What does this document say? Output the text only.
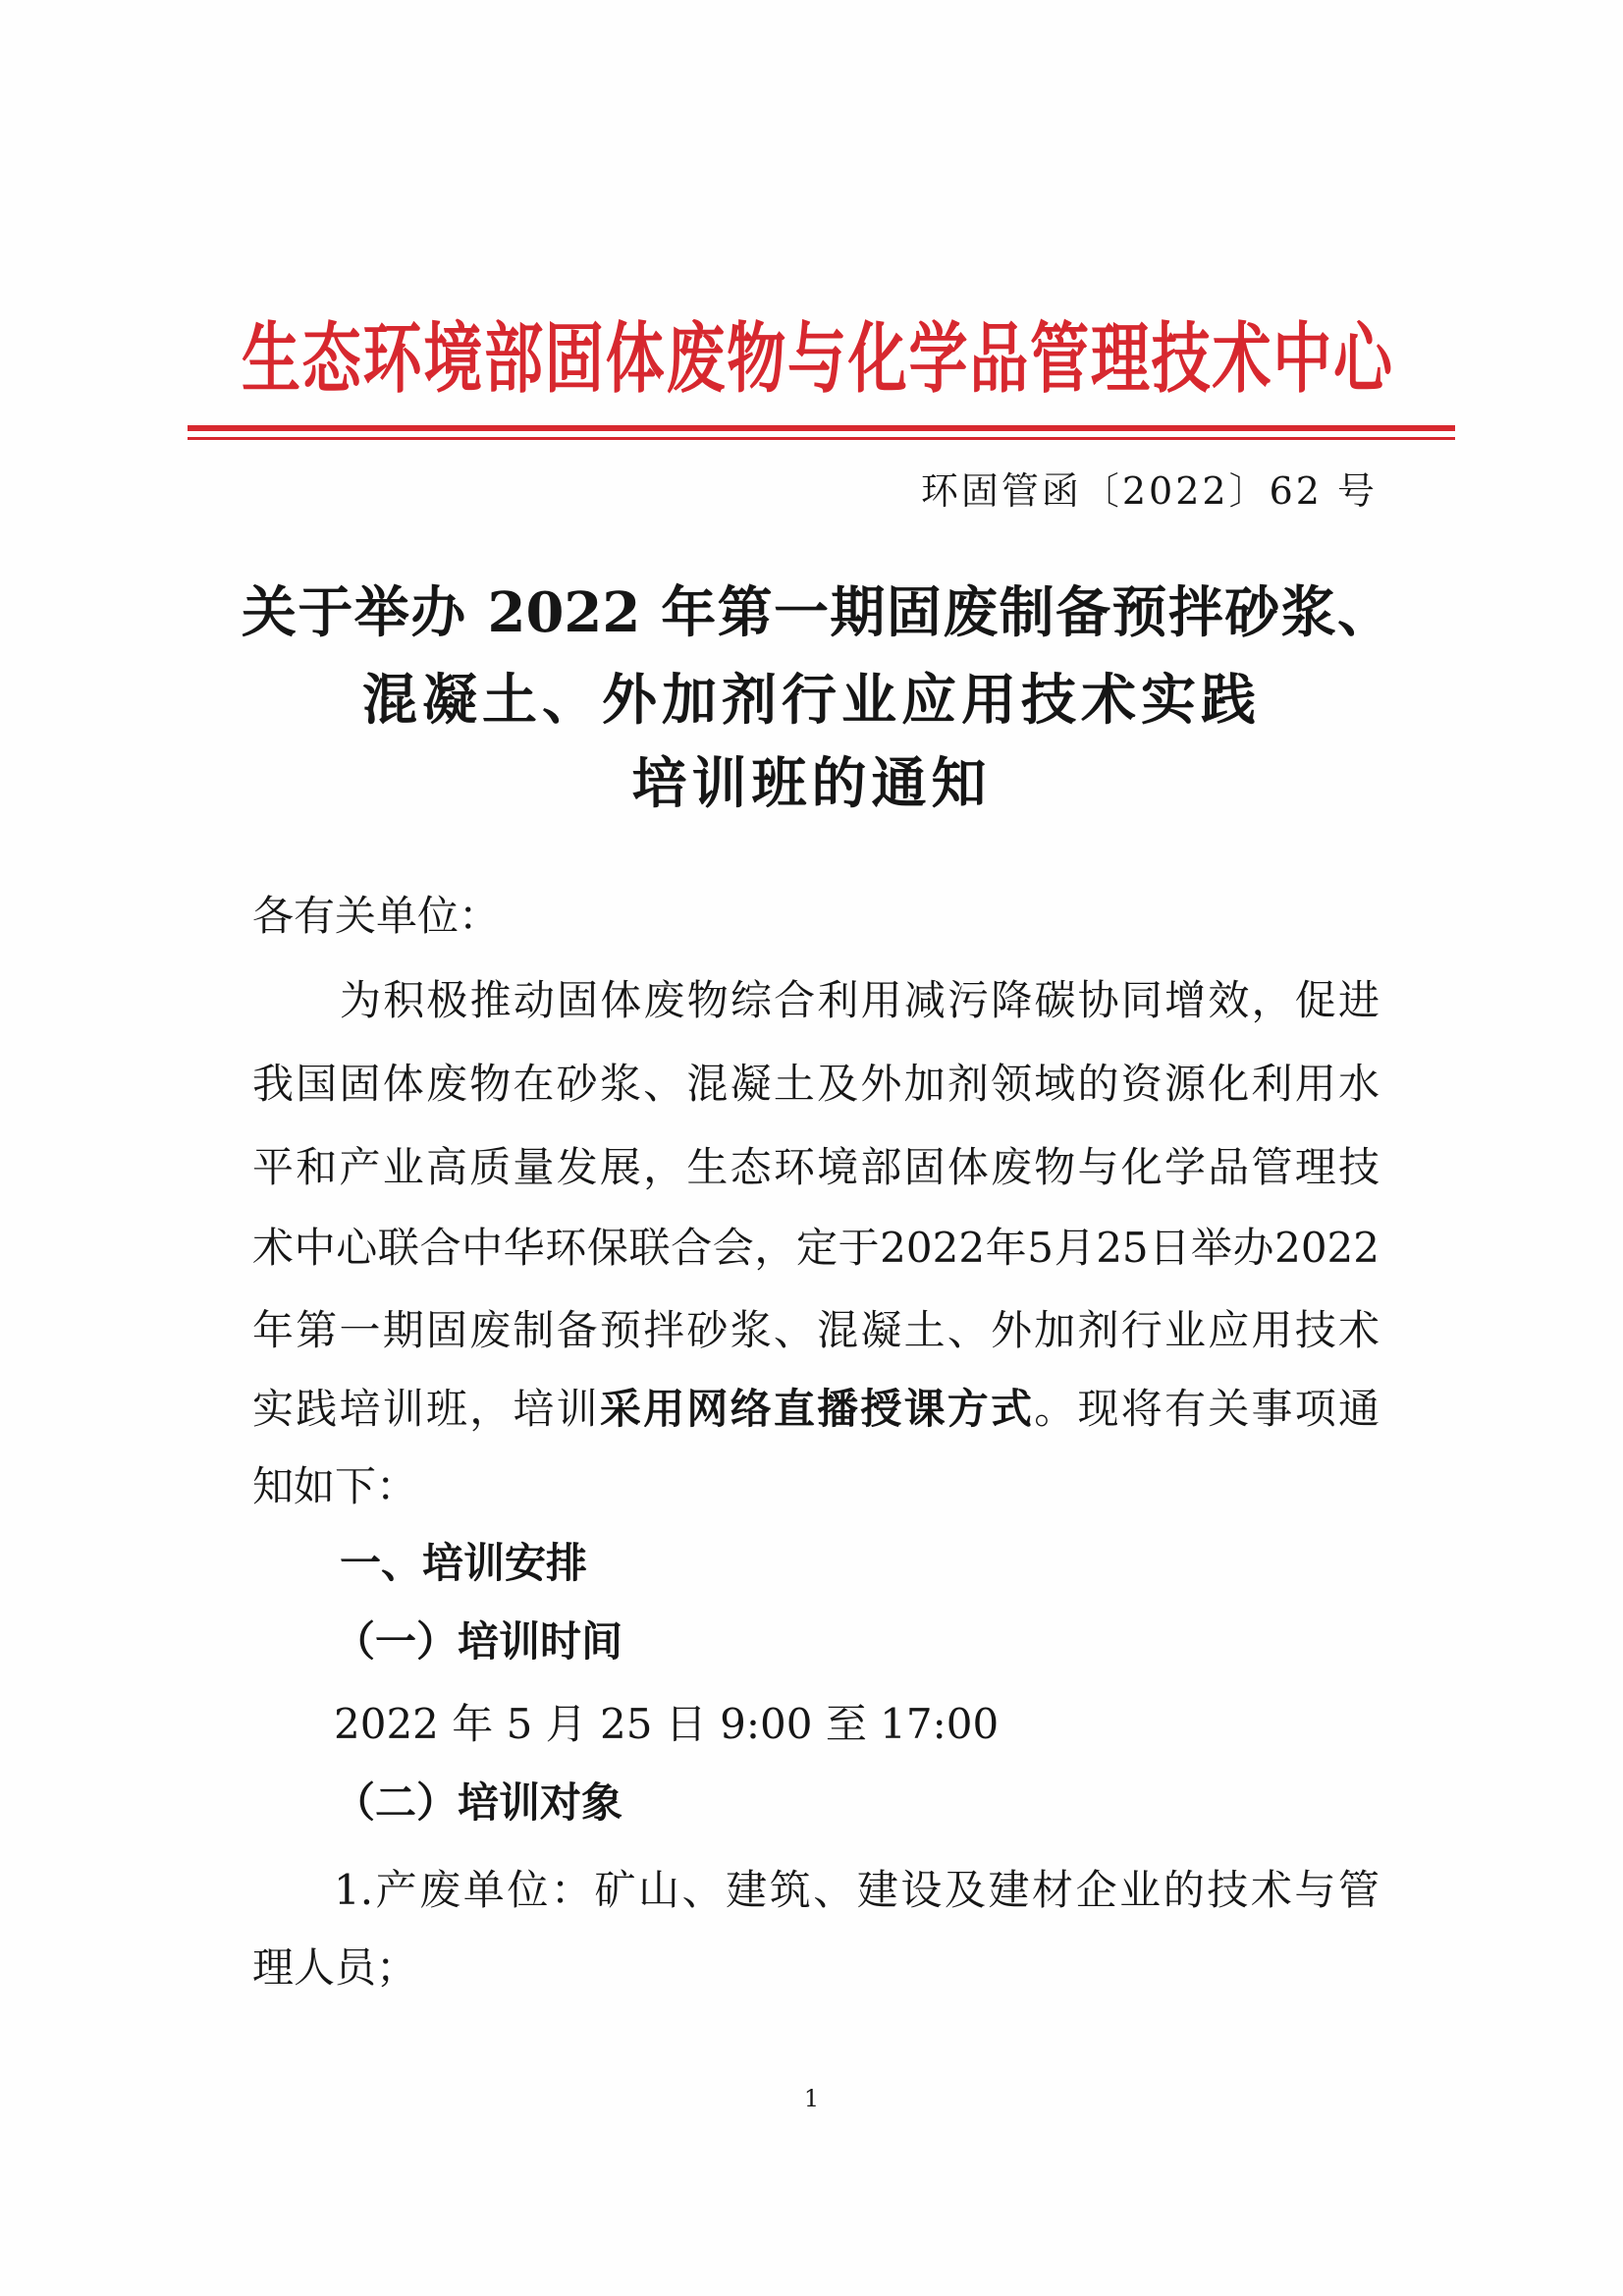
生态环境部固体废物与化学品管理技术中心
环固管函〔2022〕62 号
关于举办 2022 年第一期固废制备预拌砂浆、
混凝土、外加剂行业应用技术实践
培训班的通知
各有关单位：
为积极推动固体废物综合利用减污降碳协同增效，促进
我国固体废物在砂浆、混凝土及外加剂领域的资源化利用水
平和产业高质量发展，生态环境部固体废物与化学品管理技
术中心联合中华环保联合会，定于2022年5月25日举办2022
年第一期固废制备预拌砂浆、混凝土、外加剂行业应用技术
实践培训班，培训采用网络直播授课方式。现将有关事项通
知如下：
一、培训安排
（一）培训时间
2022 年 5 月 25 日 9:00 至 17:00
（二）培训对象
1.产废单位：矿山、建筑、建设及建材企业的技术与管
理人员；
1
